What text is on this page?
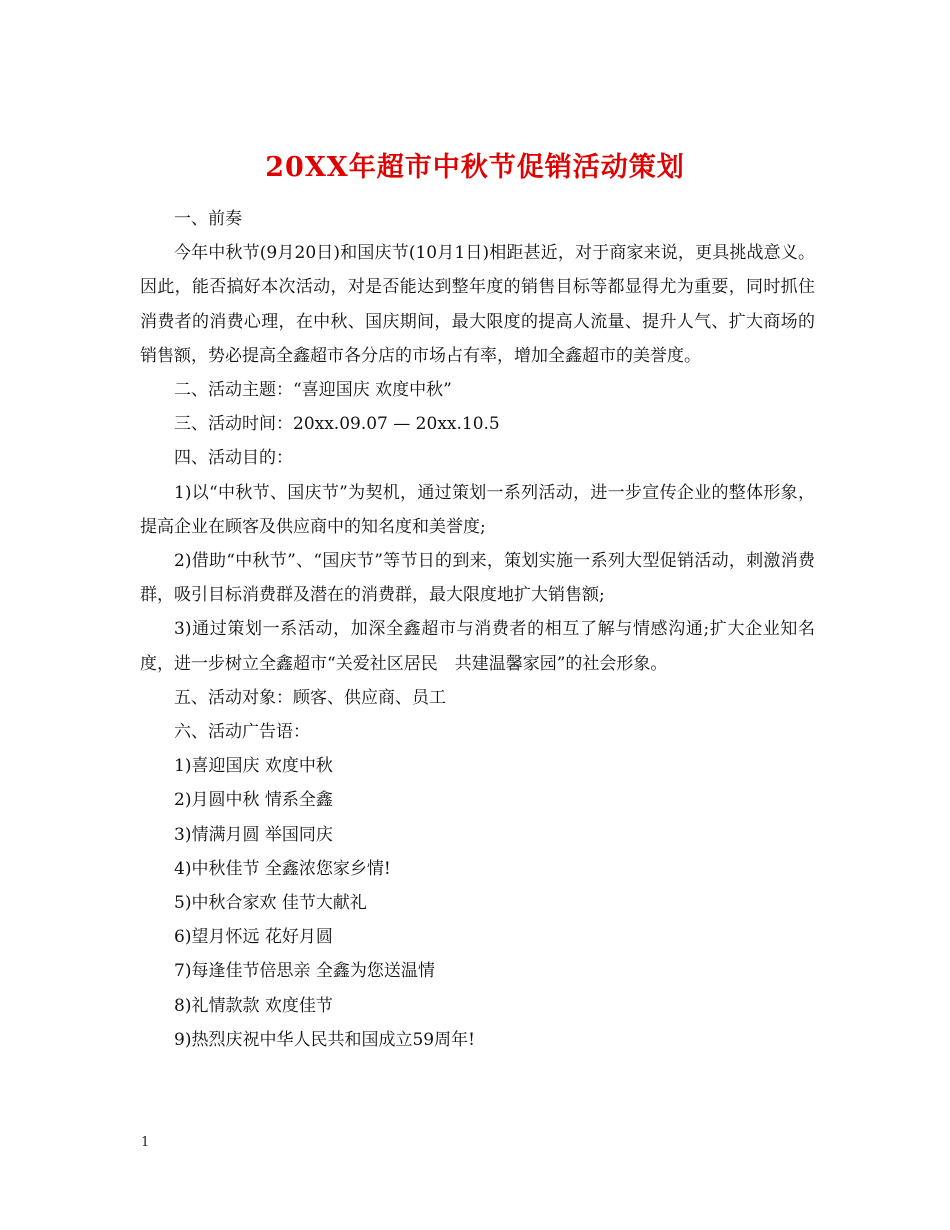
20XX年超市中秋节促销活动策划

一、前奏

今年中秋节(9月20日)和国庆节(10月1日)相距甚近，对于商家来说，更具挑战意义。因此，能否搞好本次活动，对是否能达到整年度的销售目标等都显得尤为重要，同时抓住消费者的消费心理，在中秋、国庆期间，最大限度的提高人流量、提升人气、扩大商场的销售额，势必提高全鑫超市各分店的市场占有率，增加全鑫超市的美誉度。

二、活动主题：“喜迎国庆 欢度中秋”

三、活动时间：20xx.09.07 — 20xx.10.5

四、活动目的：

1)以“中秋节、国庆节”为契机，通过策划一系列活动，进一步宣传企业的整体形象，提高企业在顾客及供应商中的知名度和美誉度;

2)借助“中秋节”、“国庆节”等节日的到来，策划实施一系列大型促销活动，刺激消费群，吸引目标消费群及潜在的消费群，最大限度地扩大销售额;

3)通过策划一系活动，加深全鑫超市与消费者的相互了解与情感沟通;扩大企业知名度，进一步树立全鑫超市“关爱社区居民　共建温馨家园”的社会形象。

五、活动对象：顾客、供应商、员工

六、活动广告语：

1)喜迎国庆 欢度中秋

2)月圆中秋 情系全鑫

3)情满月圆 举国同庆

4)中秋佳节 全鑫浓您家乡情!

5)中秋合家欢 佳节大献礼

6)望月怀远 花好月圆

7)每逢佳节倍思亲 全鑫为您送温情

8)礼情款款 欢度佳节

9)热烈庆祝中华人民共和国成立59周年!

1
